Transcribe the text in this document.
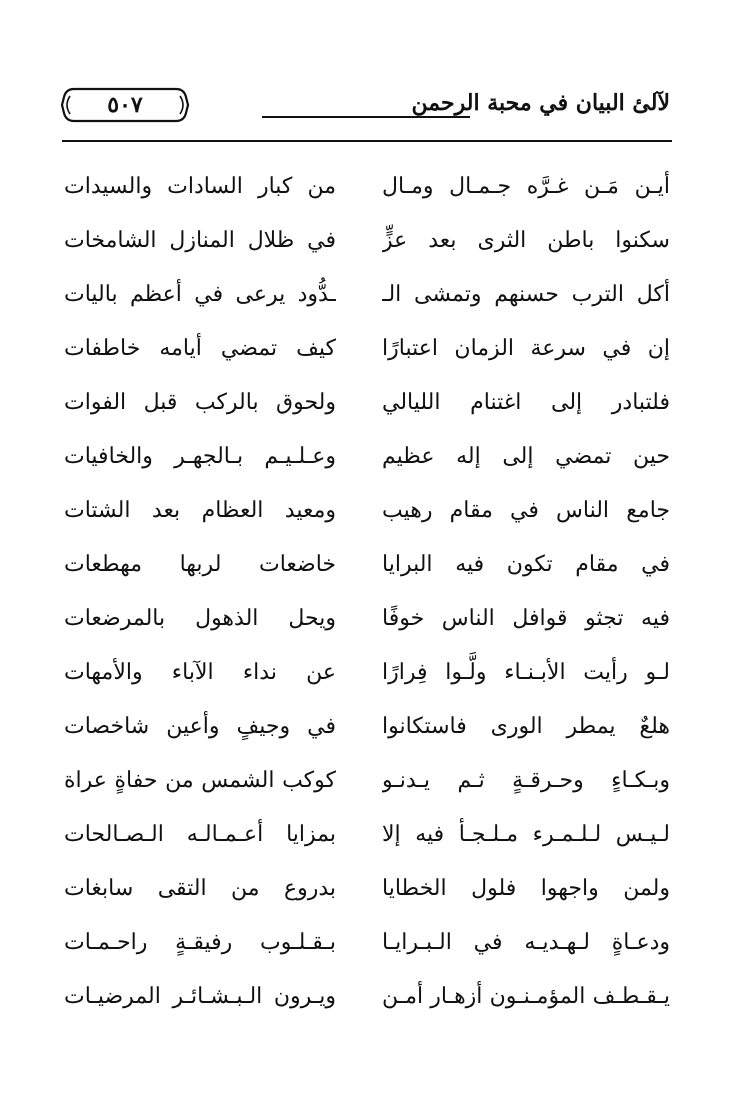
لآلئ البيان في محبة الرحمن
٥٠٧
أيـن مَـن غـرَّه جـمـال ومـال
من كبار السادات والسيدات
سكنوا باطن الثرى بعد عزٍّ
في ظلال المنازل الشامخات
أكل الترب حسنهم وتمشى الـ
ـدُّود يرعى في أعظم باليات
إن في سرعة الزمان اعتبارًا
كيف تمضي أيامه خاطفات
فلتبادر إلى اغتنام الليالي
ولحوق بالركب قبل الفوات
حين تمضي إلى إله عظيم
وعـلـيـم بـالجهـر والخافيات
جامع الناس في مقام رهيب
ومعيد العظام بعد الشتات
في مقام تكون فيه البرايا
خاضعات لربها مهطعات
فيه تجثو قوافل الناس خوفًا
ويحل الذهول بالمرضعات
لـو رأيت الأبـنـاء ولَّـوا فِرارًا
عن نداء الآباء والأمهات
هلعٌ يمطر الورى فاستكانوا
في وجيفٍ وأعين شاخصات
وبـكـاءٍ وحـرقـةٍ ثـم يـدنـو
كوكب الشمس من حفاةٍ عراة
لـيـس لـلـمـرء مـلـجـأ فيه إلا
بمزايا أعـمـالـه الـصـالحات
ولمن واجهوا فلول الخطايا
بدروع من التقى سابغات
ودعـاةٍ لـهـديـه في الـبـرايـا
بـقـلـوب رفيقـةٍ راحـمـات
يـقـطـف المؤمـنـون أزهـار أمـن
ويـرون الـبـشـائـر المرضيـات
